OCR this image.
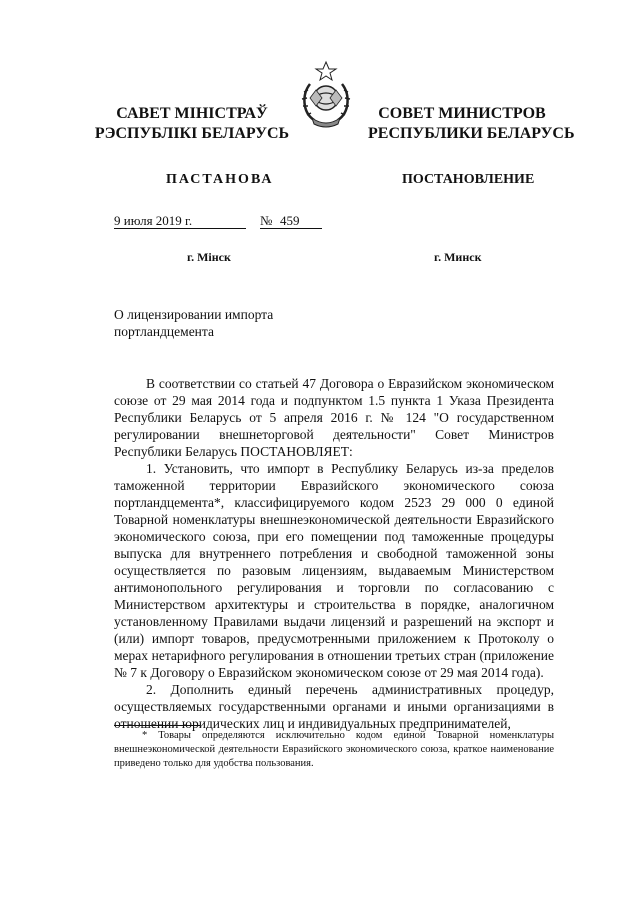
САВЕТ МІНІСТРАЎ
РЭСПУБЛІКІ БЕЛАРУСЬ
СОВЕТ МИНИСТРОВ
РЕСПУБЛИКИ БЕЛАРУСЬ
ПАСТАНОВА	ПОСТАНОВЛЕНИЕ
9 июля 2019 г.	№ 459
г. Мінск	г. Минск
О лицензировании импорта портландцемента

В соответствии со статьей 47 Договора о Евразийском экономическом союзе от 29 мая 2014 года и подпунктом 1.5 пункта 1 Указа Президента Республики Беларусь от 5 апреля 2016 г. № 124 "О государственном регулировании внешнеторговой деятельности" Совет Министров Республики Беларусь ПОСТАНОВЛЯЕТ:

1. Установить, что импорт в Республику Беларусь из-за пределов таможенной территории Евразийского экономического союза портландцемента*, классифицируемого кодом 2523 29 000 0 единой Товарной номенклатуры внешнеэкономической деятельности Евразийского экономического союза, при его помещении под таможенные процедуры выпуска для внутреннего потребления и свободной таможенной зоны осуществляется по разовым лицензиям, выдаваемым Министерством антимонопольного регулирования и торговли по согласованию с Министерством архитектуры и строительства в порядке, аналогичном установленному Правилами выдачи лицензий и разрешений на экспорт и (или) импорт товаров, предусмотренными приложением к Протоколу о мерах нетарифного регулирования в отношении третьих стран (приложение № 7 к Договору о Евразийском экономическом союзе от 29 мая 2014 года).

2. Дополнить единый перечень административных процедур, осуществляемых государственными органами и иными организациями в отношении юридических лиц и индивидуальных предпринимателей,

* Товары определяются исключительно кодом единой Товарной номенклатуры внешнеэкономической деятельности Евразийского экономического союза, краткое наименование приведено только для удобства пользования.
